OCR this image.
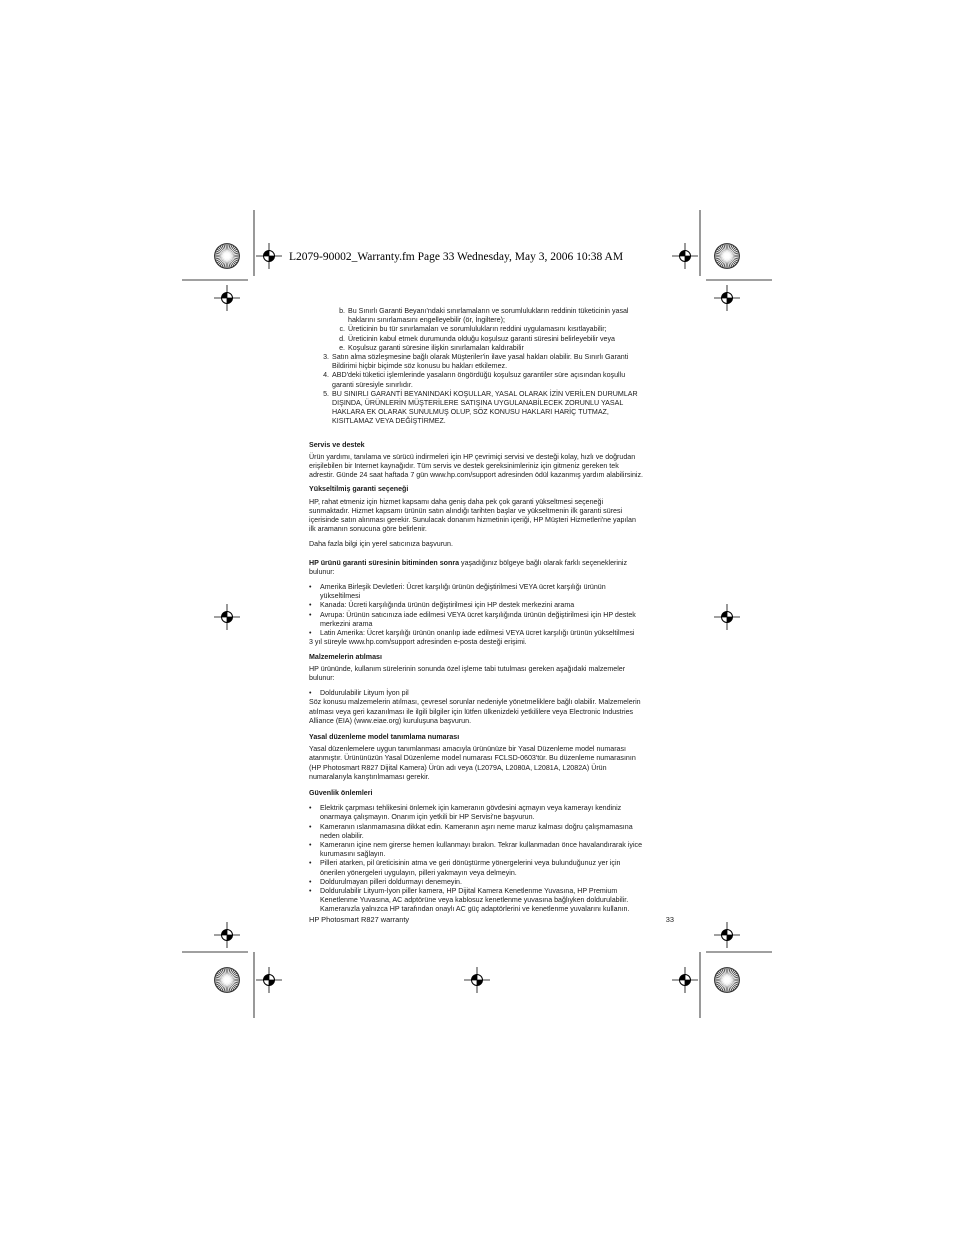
L2079-90002_Warranty.fm Page 33 Wednesday, May 3, 2006 10:38 AM
b. Bu Sınırlı Garanti Beyanı'ndaki sınırlamaların ve sorumlulukların reddinin tüketicinin yasal
haklarını sınırlamasını engelleyebilir (ör, İngiltere);
c. Üreticinin bu tür sınırlamaları ve sorumlulukların reddini uygulamasını kısıtlayabilir;
d. Üreticinin kabul etmek durumunda olduğu koşulsuz garanti süresini belirleyebilir veya
e. Koşulsuz garanti süresine ilişkin sınırlamaları kaldırabilir
3. Satın alma sözleşmesine bağlı olarak Müşteriler'in ilave yasal hakları olabilir. Bu Sınırlı Garanti
Bildirimi hiçbir biçimde söz konusu bu hakları etkilemez.
4. ABD'deki tüketici işlemlerinde yasaların öngördüğü koşulsuz garantiler süre açısından koşullu
garanti süresiyle sınırlıdır.
5. BU SINIRLI GARANTİ BEYANINDAKİ KOŞULLAR, YASAL OLARAK İZİN VERİLEN DURUMLAR
DIŞINDA, ÜRÜNLERİN MÜŞTERİLERE SATIŞINA UYGULANABİLECEK ZORUNLU YASAL
HAKLARA EK OLARAK SUNULMUŞ OLUP, SÖZ KONUSU HAKLARI HARİÇ TUTMAZ,
KISITLAMAZ VEYA DEĞİŞTİRMEZ.
Servis ve destek
Ürün yardımı, tanılama ve sürücü indirmeleri için HP çevrimiçi servisi ve desteği kolay, hızlı ve doğrudan
erişilebilen bir Internet kaynağıdır. Tüm servis ve destek gereksinimleriniz için gitmeniz gereken tek
adrestir. Günde 24 saat haftada 7 gün www.hp.com/support adresinden ödül kazanmış yardım alabilirsiniz.
Yükseltilmiş garanti seçeneği
HP, rahat etmeniz için hizmet kapsamı daha geniş daha pek çok garanti yükseltmesi seçeneği
sunmaktadır. Hizmet kapsamı ürünün satın alındığı tarihten başlar ve yükseltmenin ilk garanti süresi
içerisinde satın alınması gerekir. Sunulacak donanım hizmetinin içeriği, HP Müşteri Hizmetleri'ne yapılan
ilk aramanın sonucuna göre belirlenir.
Daha fazla bilgi için yerel satıcınıza başvurun.
HP ürünü garanti süresinin bitiminden sonra yaşadığınız bölgeye bağlı olarak farklı seçenekleriniz
bulunur:
• Amerika Birleşik Devletleri: Ücret karşılığı ürünün değiştirilmesi VEYA ücret karşılığı ürünün
yükseltilmesi
• Kanada: Ücreti karşılığında ürünün değiştirilmesi için HP destek merkezini arama
• Avrupa: Ürünün satıcınıza iade edilmesi VEYA ücret karşılığında ürünün değiştirilmesi için HP destek
merkezini arama
• Latin Amerika: Ücret karşılığı ürünün onarılıp iade edilmesi VEYA ücret karşılığı ürünün yükseltilmesi
3 yıl süreyle www.hp.com/support adresinden e-posta desteği erişimi.
Malzemelerin atılması
HP ürününde, kullanım sürelerinin sonunda özel işleme tabi tutulması gereken aşağıdaki malzemeler
bulunur:
• Doldurulabilir Lityum İyon pil
Söz konusu malzemelerin atılması, çevresel sorunlar nedeniyle yönetmeliklere bağlı olabilir. Malzemelerin
atılması veya geri kazanılması ile ilgili bilgiler için lütfen ülkenizdeki yetkililere veya Electronic Industries
Alliance (EIA) (www.eiae.org) kuruluşuna başvurun.
Yasal düzenleme model tanımlama numarası
Yasal düzenlemelere uygun tanımlanması amacıyla ürününüze bir Yasal Düzenleme model numarası
atanmıştır. Ürününüzün Yasal Düzenleme model numarası FCLSD-0603'tür. Bu düzenleme numarasının
(HP Photosmart R827 Dijital Kamera) Ürün adı veya (L2079A, L2080A, L2081A, L2082A) Ürün
numaralarıyla karıştırılmaması gerekir.
Güvenlik önlemleri
• Elektrik çarpması tehlikesini önlemek için kameranın gövdesini açmayın veya kamerayı kendiniz
onarmaya çalışmayın. Onarım için yetkili bir HP Servisi'ne başvurun.
• Kameranın ıslanmamasına dikkat edin. Kameranın aşırı neme maruz kalması doğru çalışmamasına
neden olabilir.
• Kameranın içine nem girerse hemen kullanmayı bırakın. Tekrar kullanmadan önce havalandırarak iyice
kurumasını sağlayın.
• Pilleri atarken, pil üreticisinin atma ve geri dönüştürme yönergelerini veya bulunduğunuz yer için
önerilen yönergeleri uygulayın, pilleri yakmayın veya delmeyin.
• Doldurulmayan pilleri doldurmayı denemeyin.
• Doldurulabilir Lityum-İyon piller kamera, HP Dijital Kamera Kenetlenme Yuvasına, HP Premium
Kenetlenme Yuvasına, AC adptörüne veya kablosuz kenetlenme yuvasına bağlıyken doldurulabilir.
Kameranızla yalnızca HP tarafından onaylı AC güç adaptörlerini ve kenetlenme yuvalarını kullanın.
HP Photosmart R827 warranty	33
